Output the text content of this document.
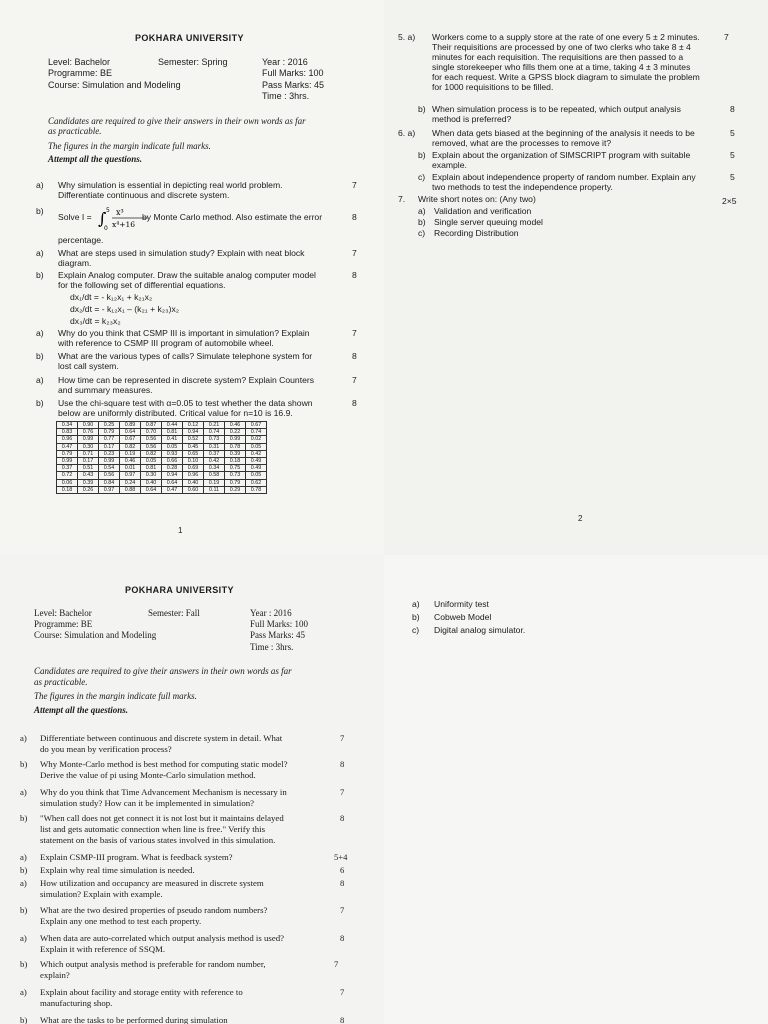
POKHARA UNIVERSITY
Level: Bachelor	Semester: Spring	Year : 2016
Programme: BE	Full Marks: 100
Course: Simulation and Modeling	Pass Marks: 45
Time : 3hrs.
Candidates are required to give their answers in their own words as far
as practicable.
The figures in the margin indicate full marks.
Attempt all the questions.
a) Why simulation is essential in depicting real world problem.
Differentiate continuous and discrete system.
7
b)
Solve I = ∫ 5
0
x³
x⁴+16
by Monte Carlo method. Also estimate the error
percentage.
8
a) What are steps used in simulation study? Explain with neat block
diagram.
7
b) Explain Analog computer. Draw the suitable analog computer model
for the following set of differential equations.
8
dx₁/dt = - k₁₂x₁ + k₂₁x₂
dx₂/dt = - k₁₂x₁ – (k₂₁ + k₂₃)x₂
dx₃/dt = k₂₃x₂
a) Why do you think that CSMP III is important in simulation? Explain
with reference to CSMP III program of automobile wheel.
7
b) What are the various types of calls? Simulate telephone system for
lost call system.
8
a) How time can be represented in discrete system? Explain Counters
and summary measures.
7
b) Use the chi-square test with α=0.05 to test whether the data shown
below are uniformly distributed. Critical value for n=10 is 16.9.
8
0.34	0.90	0.25	0.89	0.87	0.44	0.12	0.21	0.46	0.67
0.83	0.76	0.79	0.64	0.70	0.81	0.94	0.74	0.22	0.74
0.96	0.99	0.77	0.67	0.56	0.41	0.52	0.73	0.99	0.02
0.47	0.30	0.17	0.82	0.56	0.05	0.45	0.31	0.78	0.05
0.79	0.71	0.23	0.19	0.82	0.93	0.65	0.37	0.39	0.42
0.99	0.17	0.99	0.46	0.05	0.66	0.10	0.42	0.18	0.49
0.37	0.51	0.54	0.01	0.81	0.28	0.69	0.34	0.75	0.49
0.72	0.43	0.56	0.97	0.30	0.94	0.96	0.58	0.73	0.05
0.06	0.39	0.84	0.24	0.40	0.64	0.40	0.19	0.79	0.62
0.18	0.26	0.97	0.88	0.64	0.47	0.60	0.11	0.29	0.78
1
5. a) Workers come to a supply store at the rate of one every 5 ± 2 minutes.
Their requisitions are processed by one of two clerks who take 8 ± 4
minutes for each requisition. The requisitions are then passed to a
single storekeeper who fills them one at a time, taking 4 ± 3 minutes
for each request. Write a GPSS block diagram to simulate the problem
for 1000 requisitions to be filled.
7
b) When simulation process is to be repeated, which output analysis
method is preferred?
8
6. a) When data gets biased at the beginning of the analysis it needs to be
removed, what are the processes to remove it?
5
b) Explain about the organization of SIMSCRIPT program with suitable
example.
5
c) Explain about independence property of random number. Explain any
two methods to test the independence property.
5
7. Write short notes on: (Any two)	2×5
a) Validation and verification
b) Single server queuing model
c) Recording Distribution
2
POKHARA UNIVERSITY
Level: Bachelor	Semester: Fall	Year : 2016
Programme: BE	Full Marks: 100
Course: Simulation and Modeling	Pass Marks: 45
Time : 3hrs.
Candidates are required to give their answers in their own words as far
as practicable.
The figures in the margin indicate full marks.
Attempt all the questions.
a) Differentiate between continuous and discrete system in detail. What
do you mean by verification process?
7
b) Why Monte-Carlo method is best method for computing static model?
Derive the value of pi using Monte-Carlo simulation method.
8
a) Why do you think that Time Advancement Mechanism is necessary in
simulation study? How can it be implemented in simulation?
7
b) "When call does not get connect it is not lost but it maintains delayed
list and gets automatic connection when line is free." Verify this
statement on the basis of various states involved in this simulation.
8
a) Explain CSMP-III program. What is feedback system?	5+4
b) Explain why real time simulation is needed.	6
a) How utilization and occupancy are measured in discrete system
simulation? Explain with example.
8
b) What are the two desired properties of pseudo random numbers?
Explain any one method to test each property.
7
a) When data are auto-correlated which output analysis method is used?
Explain it with reference of SSQM.
8
b) Which output analysis method is preferable for random number,
explain?
7
a) Explain about facility and storage entity with reference to
manufacturing shop.
7
b) What are the tasks to be performed during simulation	8
a) Uniformity test
b) Cobweb Model
c) Digital analog simulator.
